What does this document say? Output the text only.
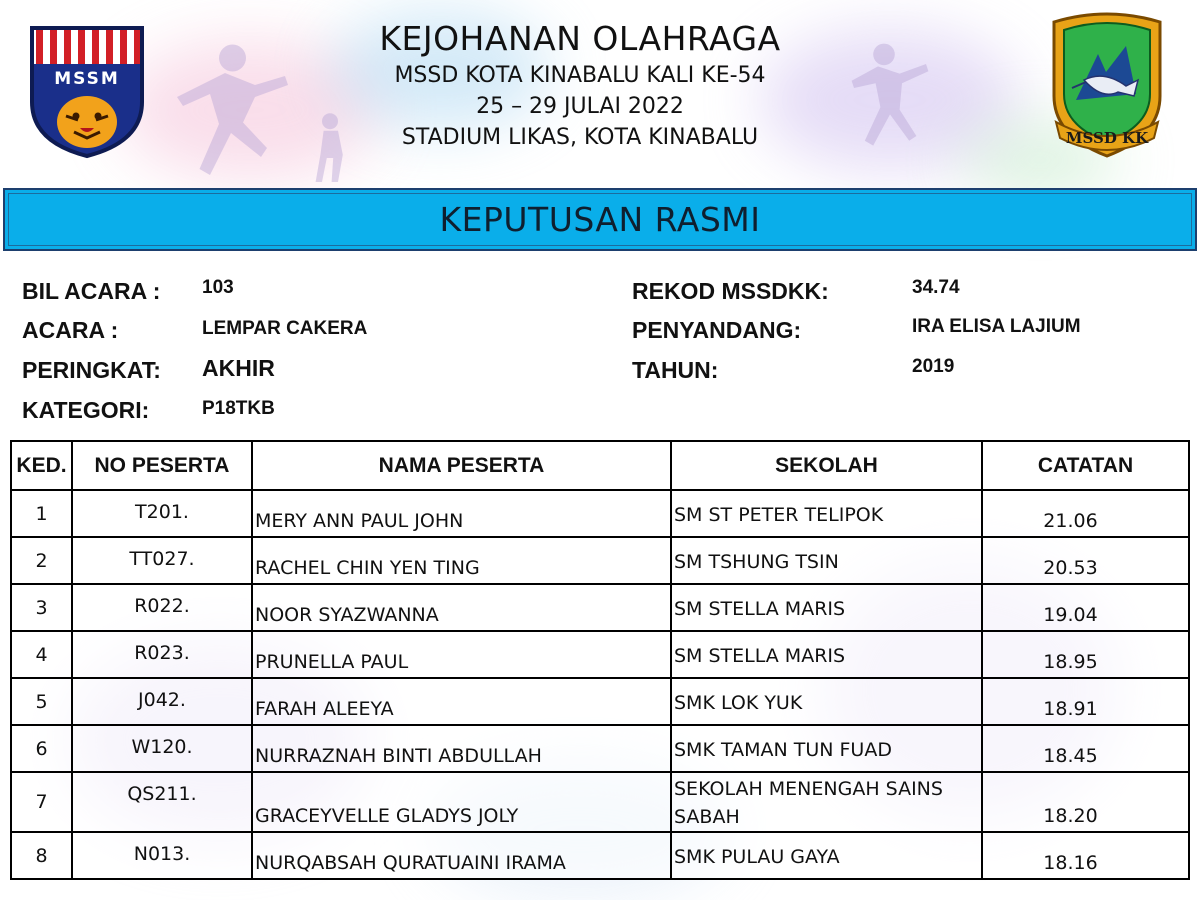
MSSM
MSSD KK
KEJOHANAN OLAHRAGA
MSSD KOTA KINABALU KALI KE-54
25 – 29 JULAI 2022
STADIUM LIKAS, KOTA KINABALU
KEPUTUSAN RASMI
BIL ACARA : 103
ACARA :	LEMPAR CAKERA
PERINGKAT: AKHIR
KATEGORI:	P18TKB
REKOD MSSDKK:	34.74
PENYANDANG:	IRA ELISA LAJIUM
TAHUN:	2019
KED.	NO PESERTA	NAMA PESERTA	SEKOLAH	CATATAN
1	T201.	MERY ANN PAUL JOHN	SM ST PETER TELIPOK	21.06
2	TT027.	RACHEL CHIN YEN TING	SM TSHUNG TSIN	20.53
3	R022.	NOOR SYAZWANNA	SM STELLA MARIS	19.04
4	R023.	PRUNELLA PAUL	SM STELLA MARIS	18.95
5	J042.	FARAH ALEEYA	SMK LOK YUK	18.91
6	W120.	NURRAZNAH BINTI ABDULLAH	SMK TAMAN TUN FUAD	18.45
7	QS211.	GRACEYVELLE GLADYS JOLY	SEKOLAH MENENGAH SAINS SABAH	18.20
8	N013.	NURQABSAH QURATUAINI IRAMA	SMK PULAU GAYA	18.16
